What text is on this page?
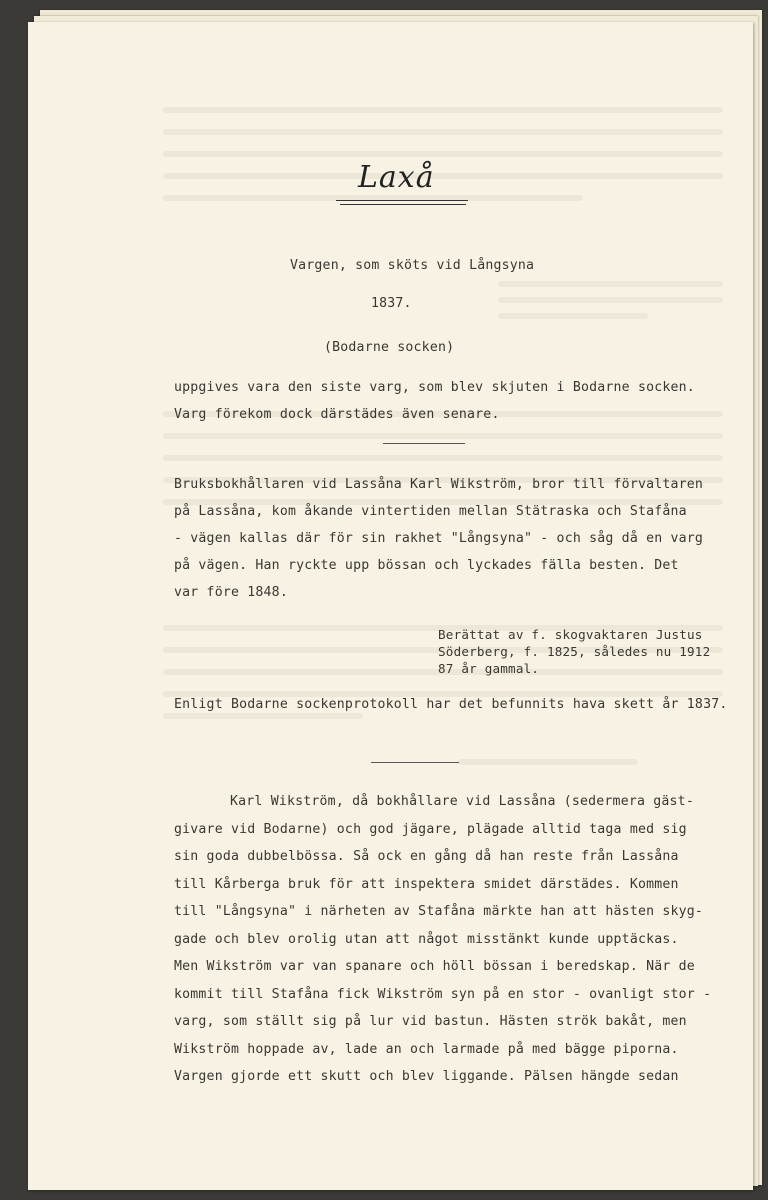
Laxå
Vargen, som sköts vid Långsyna
1837.
(Bodarne socken)
uppgives vara den siste varg, som blev skjuten i Bodarne socken.
Varg förekom dock därstädes även senare.
Bruksbokhållaren vid Lassåna Karl Wikström, bror till förvaltaren
på Lassåna, kom åkande vintertiden mellan Stätraska och Stafåna
- vägen kallas där för sin rakhet "Långsyna" - och såg då en varg
på vägen. Han ryckte upp bössan och lyckades fälla besten. Det
var före 1848.
Berättat av f. skogvaktaren Justus
Söderberg, f. 1825, således nu 1912
87 år gammal.
Enligt Bodarne sockenprotokoll har det befunnits hava skett år 1837.
Karl Wikström, då bokhållare vid Lassåna (sedermera gäst-
givare vid Bodarne) och god jägare, plägade alltid taga med sig
sin goda dubbelbössa. Så ock en gång då han reste från Lassåna
till Kårberga bruk för att inspektera smidet därstädes. Kommen
till "Långsyna" i närheten av Stafåna märkte han att hästen skyg-
gade och blev orolig utan att något misstänkt kunde upptäckas.
Men Wikström var van spanare och höll bössan i beredskap. När de
kommit till Stafåna fick Wikström syn på en stor - ovanligt stor -
varg, som ställt sig på lur vid bastun. Hästen strök bakåt, men
Wikström hoppade av, lade an och larmade på med bägge piporna.
Vargen gjorde ett skutt och blev liggande. Pälsen hängde sedan
